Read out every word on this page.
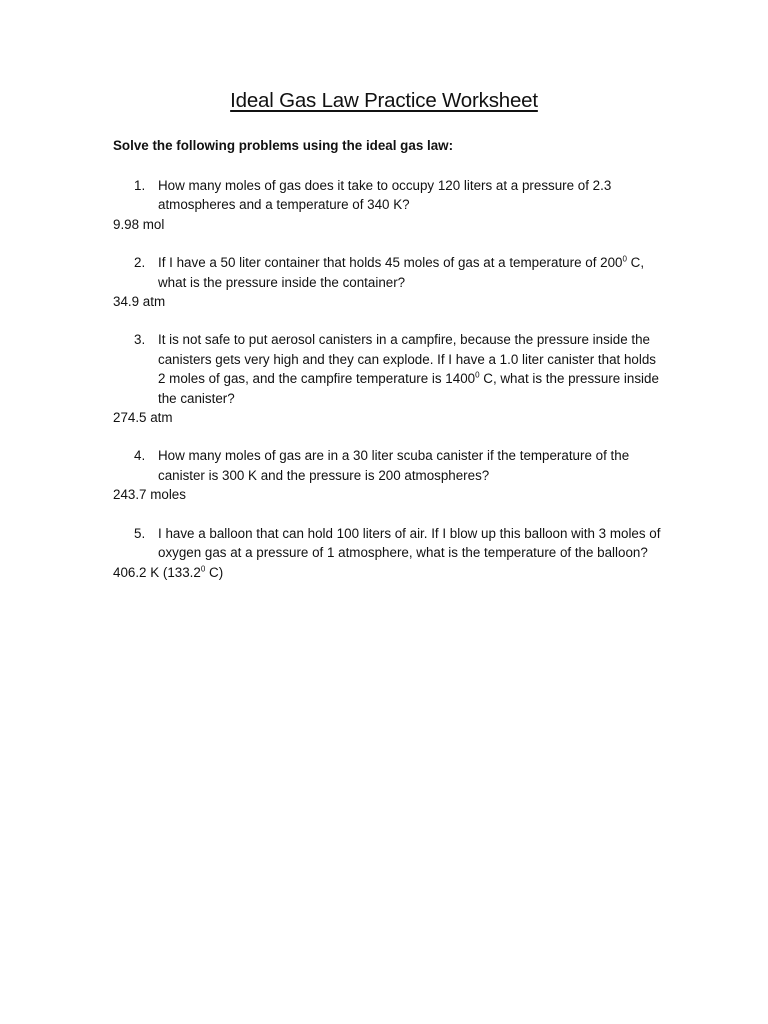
Ideal Gas Law Practice Worksheet
Solve the following problems using the ideal gas law:
1. How many moles of gas does it take to occupy 120 liters at a pressure of 2.3 atmospheres and a temperature of 340 K?
9.98 mol
2. If I have a 50 liter container that holds 45 moles of gas at a temperature of $200^0$ C, what is the pressure inside the container?
34.9 atm
3. It is not safe to put aerosol canisters in a campfire, because the pressure inside the canisters gets very high and they can explode. If I have a 1.0 liter canister that holds 2 moles of gas, and the campfire temperature is 1400$^0$ C, what is the pressure inside the canister?
274.5 atm
4. How many moles of gas are in a 30 liter scuba canister if the temperature of the canister is 300 K and the pressure is 200 atmospheres?
243.7 moles
5. I have a balloon that can hold 100 liters of air. If I blow up this balloon with 3 moles of oxygen gas at a pressure of 1 atmosphere, what is the temperature of the balloon?
406.2 K (133.2$^0$ C)
